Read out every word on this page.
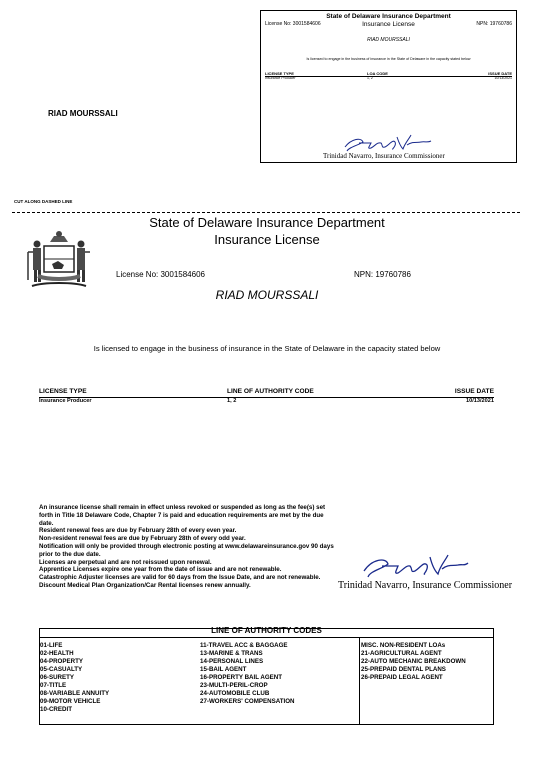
State of Delaware Insurance Department
License No: 3001584606	Insurance License	NPN: 19760786
RIAD MOURSSALI
Is licensed to engage in the business of insurance in the State of Delaware in the capacity stated below
LICENSE TYPE	LOA CODE	ISSUE DATE
Insurance Producer	1, 2	10/13/2021
Trinidad Navarro, Insurance Commissioner
RIAD MOURSSALI
CUT ALONG DASHED LINE
State of Delaware Insurance Department
Insurance License
License No: 3001584606	NPN: 19760786
RIAD MOURSSALI
Is licensed to engage in the business of insurance in the State of Delaware in the capacity stated below
LICENSE TYPE	LINE OF AUTHORITY CODE	ISSUE DATE
Insurance Producer	1, 2	10/13/2021
An insurance license shall remain in effect unless revoked or suspended as long as the fee(s) set forth in Title 18 Delaware Code, Chapter 7 is paid and education requirements are met by the due date.
Resident renewal fees are due by February 28th of every even year.
Non-resident renewal fees are due by February 28th of every odd year.
Notification will only be provided through electronic posting at www.delawareinsurance.gov 90 days prior to the due date.
Licenses are perpetual and are not reissued upon renewal.
Apprentice Licenses expire one year from the date of issue and are not renewable.
Catastrophic Adjuster licenses are valid for 60 days from the Issue Date, and are not renewable.
Discount Medical Plan Organization/Car Rental licenses renew annually.	Trinidad Navarro, Insurance Commissioner
LINE OF AUTHORITY CODES
01-LIFE
02-HEALTH
04-PROPERTY
05-CASUALTY
06-SURETY
07-TITLE
08-VARIABLE ANNUITY
09-MOTOR VEHICLE
10-CREDIT
11-TRAVEL ACC & BAGGAGE
13-MARINE & TRANS
14-PERSONAL LINES
15-BAIL AGENT
16-PROPERTY BAIL AGENT
23-MULTI-PERIL-CROP
24-AUTOMOBILE CLUB
27-WORKERS' COMPENSATION
MISC. NON-RESIDENT LOAs
21-AGRICULTURAL AGENT
22-AUTO MECHANIC BREAKDOWN
25-PREPAID DENTAL PLANS
26-PREPAID LEGAL AGENT
